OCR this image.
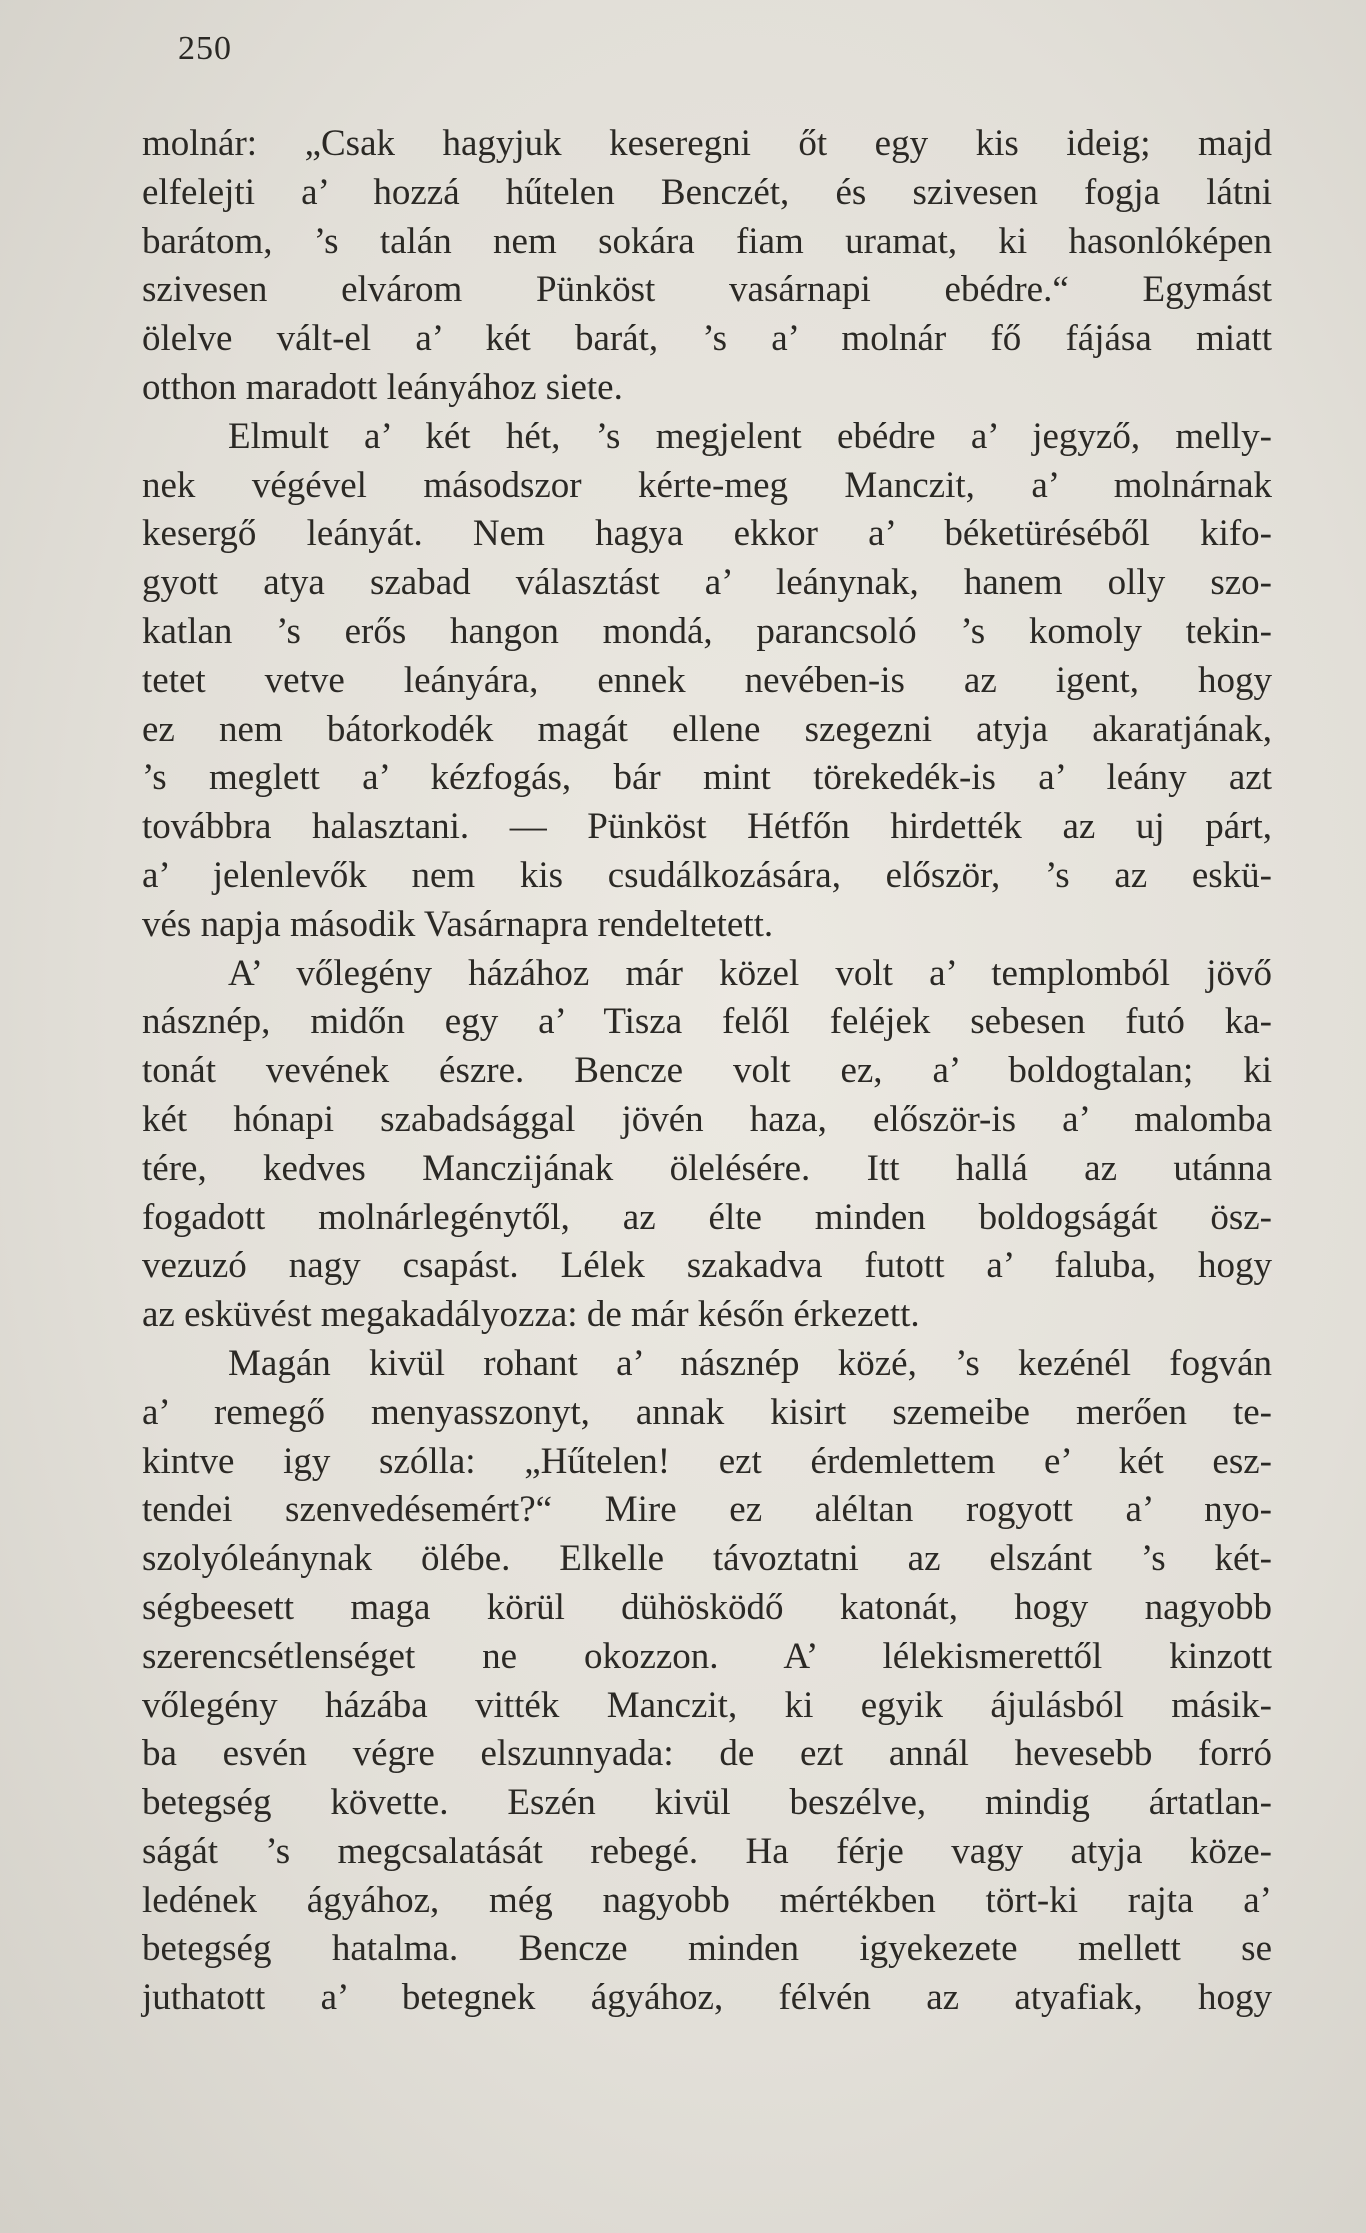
250
molnár: „Csak hagyjuk keseregni őt egy kis ideig; majd
elfelejti a’ hozzá hűtelen Benczét, és szivesen fogja látni
barátom, ’s talán nem sokára fiam uramat, ki hasonlóképen
szivesen elvárom Pünköst vasárnapi ebédre.“ Egymást
ölelve vált-el a’ két barát, ’s a’ molnár fő fájása miatt
otthon maradott leányához siete.
Elmult a’ két hét, ’s megjelent ebédre a’ jegyző, melly-
nek végével másodszor kérte-meg Manczit, a’ molnárnak
kesergő leányát. Nem hagya ekkor a’ béketüréséből kifo-
gyott atya szabad választást a’ leánynak, hanem olly szo-
katlan ’s erős hangon mondá, parancsoló ’s komoly tekin-
tetet vetve leányára, ennek nevében-is az igent, hogy
ez nem bátorkodék magát ellene szegezni atyja akaratjának,
’s meglett a’ kézfogás, bár mint törekedék-is a’ leány azt
továbbra halasztani. — Pünköst Hétfőn hirdették az uj párt,
a’ jelenlevők nem kis csudálkozására, először, ’s az eskü-
vés napja második Vasárnapra rendeltetett.
A’ vőlegény házához már közel volt a’ templomból jövő
násznép, midőn egy a’ Tisza felől feléjek sebesen futó ka-
tonát vevének észre. Bencze volt ez, a’ boldogtalan; ki
két hónapi szabadsággal jövén haza, először-is a’ malomba
tére, kedves Manczijának ölelésére. Itt hallá az utánna
fogadott molnárlegénytől, az élte minden boldogságát ösz-
vezuzó nagy csapást. Lélek szakadva futott a’ faluba, hogy
az esküvést megakadályozza: de már későn érkezett.
Magán kivül rohant a’ násznép közé, ’s kezénél fogván
a’ remegő menyasszonyt, annak kisirt szemeibe merően te-
kintve igy szólla: „Hűtelen! ezt érdemlettem e’ két esz-
tendei szenvedésemért?“ Mire ez aléltan rogyott a’ nyo-
szolyóleánynak ölébe. Elkelle távoztatni az elszánt ’s két-
ségbeesett maga körül dühösködő katonát, hogy nagyobb
szerencsétlenséget ne okozzon. A’ lélekismerettől kinzott
vőlegény házába vitték Manczit, ki egyik ájulásból másik-
ba esvén végre elszunnyada: de ezt annál hevesebb forró
betegség követte. Eszén kivül beszélve, mindig ártatlan-
ságát ’s megcsalatását rebegé. Ha férje vagy atyja köze-
ledének ágyához, még nagyobb mértékben tört-ki rajta a’
betegség hatalma. Bencze minden igyekezete mellett se
juthatott a’ betegnek ágyához, félvén az atyafiak, hogy
